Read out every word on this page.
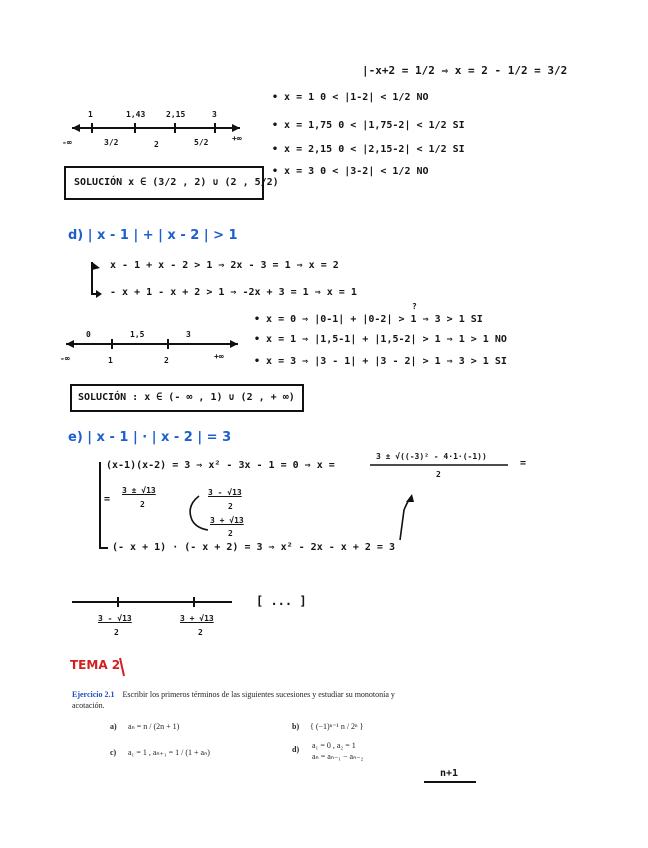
|-x+2 = 1/2 ⇒ x = 2 - 1/2 = 3/2
1	1,43	2,15	3
-∞	3/2	2	5/2	+∞
• x = 1 0 < |1-2| < 1/2 NO
• x = 1,75 0 < |1,75-2| < 1/2 SI
• x = 2,15 0 < |2,15-2| < 1/2 SI
• x = 3 0 < |3-2| < 1/2 NO
SOLUCIÓN x ∈ (3/2 , 2) ∪ (2 , 5/2)
d) | x - 1 | + | x - 2 | > 1
x - 1 + x - 2 > 1 ⇒ 2x - 3 = 1 ⇒ x = 2
- x + 1 - x + 2 > 1 ⇒ -2x + 3 = 1 ⇒ x = 1
?
0	1,5	3
-∞	1	2	+∞
• x = 0 ⇒ |0-1| + |0-2| > 1 ⇒ 3 > 1 SI
• x = 1 ⇒ |1,5-1| + |1,5-2| > 1 ⇒ 1 > 1 NO
• x = 3 ⇒ |3 - 1| + |3 - 2| > 1 ⇒ 3 > 1 SI
SOLUCIÓN : x ∈ (- ∞ , 1) ∪ (2 , + ∞)
e) | x - 1 | · | x - 2 | = 3
(x-1)(x-2) = 3 ⇒ x² - 3x - 1 = 0 ⇒ x =
3 ± √((-3)² - 4·1·(-1))
2
=
=
3 ± √13
2
3 - √13
2
3 + √13
2
(- x + 1) · (- x + 2) = 3 ⇒ x² - 2x - x + 2 = 3
3 - √13
2
3 + √13
2
[ ... ]
TEMA 2
Ejercicio 2.1 Escribir los primeros términos de las siguientes sucesiones y estudiar su monotonía y
acotación.
a) aₙ = n / (2n + 1)	b) { (−1)ⁿ⁻¹ n / 2ⁿ }
c) a₁ = 1 , aₙ₊₁ = 1 / (1 + aₙ)	d) a₁ = 0 , a₂ = 1
aₙ = aₙ₋₁ − aₙ₋₂
n+1
